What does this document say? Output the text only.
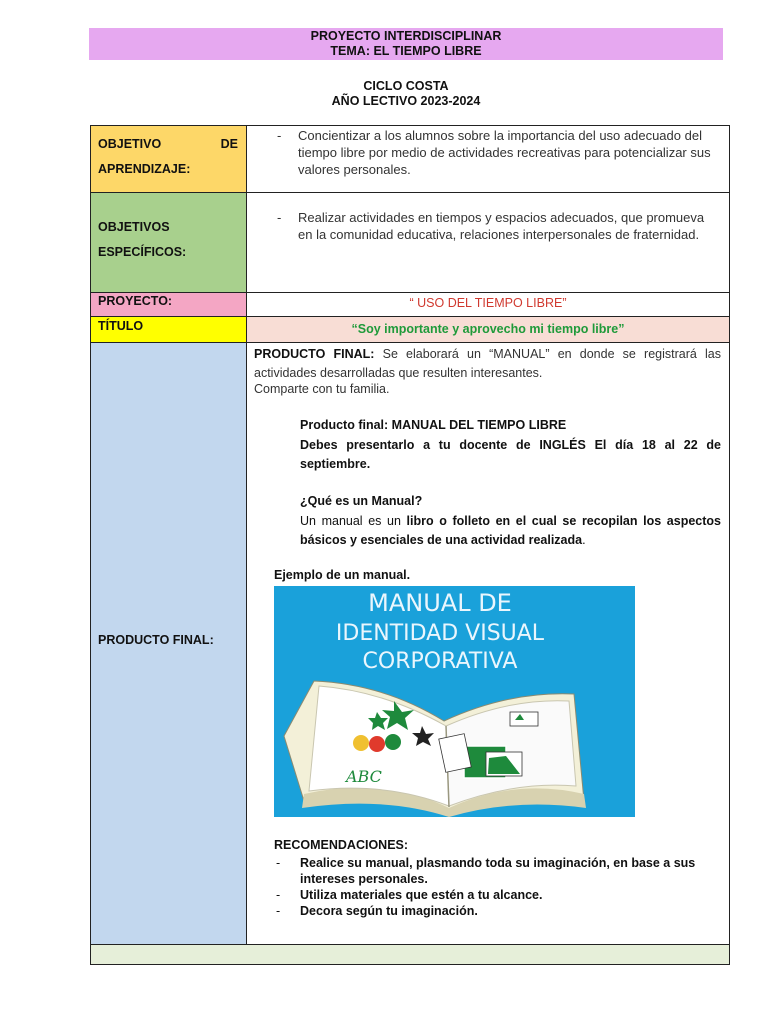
PROYECTO INTERDISCIPLINAR
TEMA: EL TIEMPO LIBRE
CICLO COSTA
AÑO LECTIVO 2023-2024
OBJETIVO	DE
APRENDIZAJE:
- Concientizar a los alumnos sobre la importancia del uso adecuado del tiempo libre por medio de actividades recreativas para potencializar sus valores personales.
OBJETIVOS
ESPECÍFICOS:
- Realizar actividades en tiempos y espacios adecuados, que promueva en la comunidad educativa, relaciones interpersonales de fraternidad.
PROYECTO:	“ USO DEL TIEMPO LIBRE”
TÍTULO	“Soy importante y aprovecho mi tiempo libre”
PRODUCTO FINAL:
PRODUCTO FINAL: Se elaborará un “MANUAL” en donde se registrará las actividades desarrolladas que resulten interesantes.
Comparte con tu familia.
Producto final: MANUAL DEL TIEMPO LIBRE
Debes presentarlo a tu docente de INGLÉS El día 18 al 22 de septiembre.
¿Qué es un Manual?
Un manual es un libro o folleto en el cual se recopilan los aspectos básicos y esenciales de una actividad realizada.
Ejemplo de un manual.
MANUAL DE
IDENTIDAD VISUAL
CORPORATIVA
ABC
RECOMENDACIONES:
- Realice su manual, plasmando toda su imaginación, en base a sus intereses personales.
- Utiliza materiales que estén a tu alcance.
- Decora según tu imaginación.
